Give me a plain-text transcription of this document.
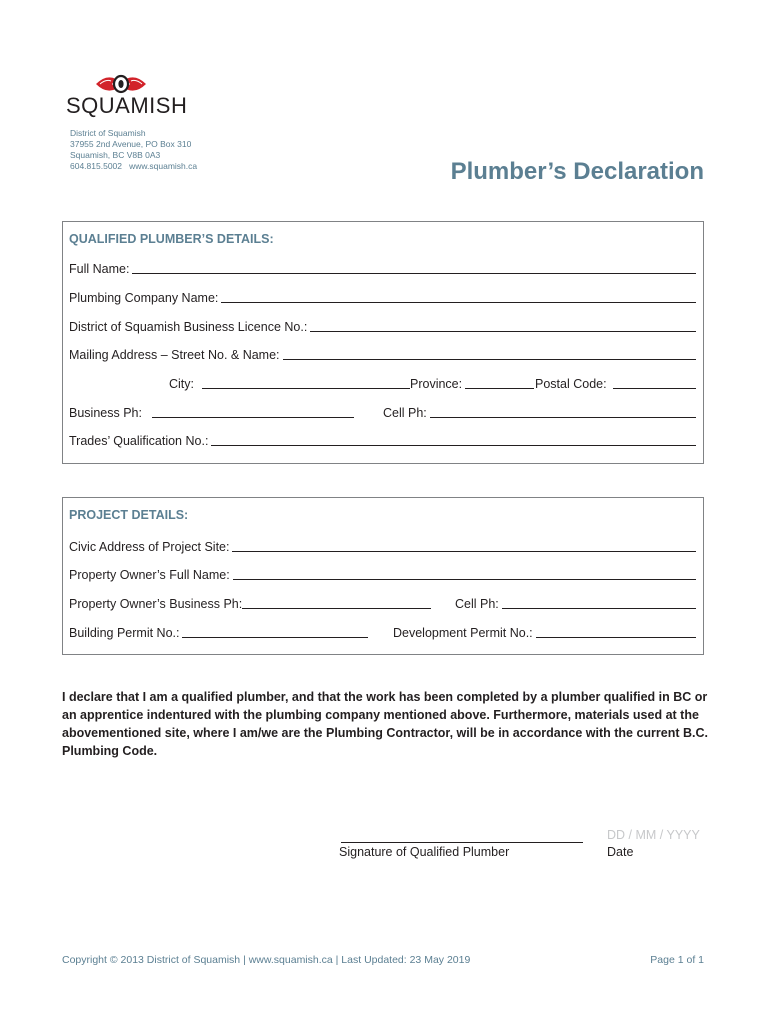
SQUAMISH
District of Squamish
37955 2nd Avenue, PO Box 310
Squamish, BC V8B 0A3
604.815.5002 www.squamish.ca	Plumber’s Declaration
QUALIFIED PLUMBER’S DETAILS:
Full Name:
Plumbing Company Name:
District of Squamish Business Licence No.:
Mailing Address – Street No. & Name:
City:	Province:	Postal Code:
Business Ph:	Cell Ph:
Trades’ Qualification No.:
PROJECT DETAILS:
Civic Address of Project Site:
Property Owner’s Full Name:
Property Owner’s Business Ph:	Cell Ph:
Building Permit No.:	Development Permit No.:
I declare that I am a qualified plumber, and that the work has been completed by a plumber qualified in BC or an apprentice indentured with the plumbing company mentioned above. Furthermore, materials used at the abovementioned site, where I am/we are the Plumbing Contractor, will be in accordance with the current B.C. Plumbing Code.
Signature of Qualified Plumber
DD / MM / YYYY
Date
Copyright © 2013 District of Squamish | www.squamish.ca | Last Updated: 23 May 2019	Page 1 of 1
